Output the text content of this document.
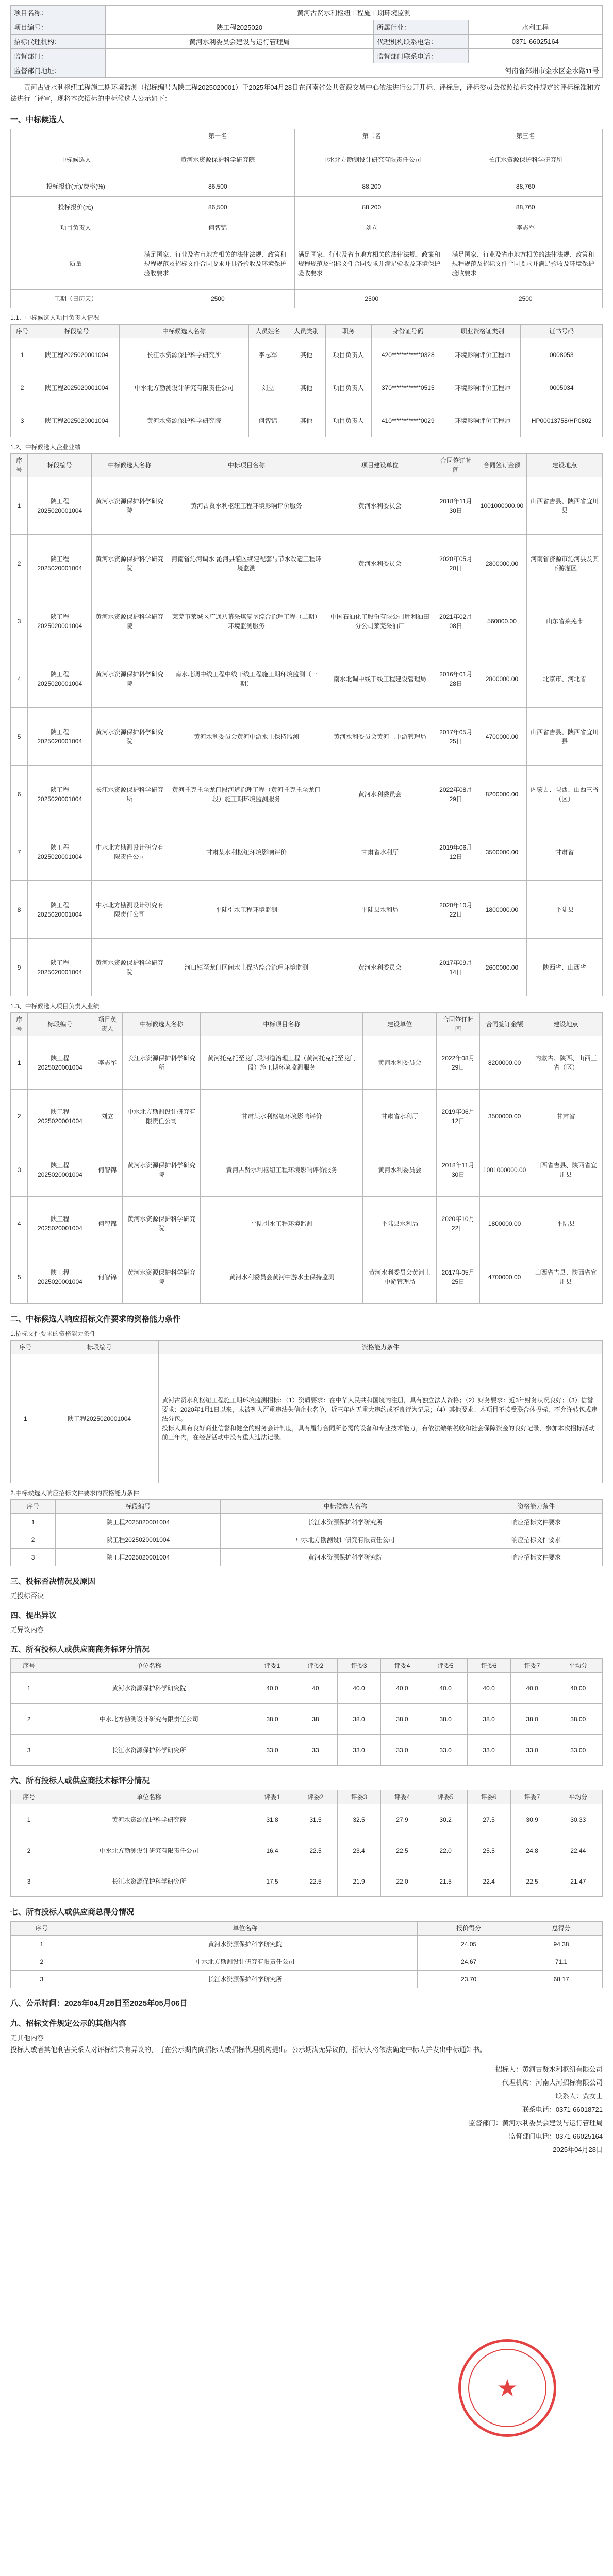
项目名称：	黄河古贤水利枢纽工程施工期环境监测		
项目编号：	陕工程2025020	所属行业：	水利工程
招标代理机构：	黄河水利委员会建设与运行管理局	代理机构联系电话：	0371-66025164
监督部门：		监督部门联系电话：	
监督部门地址：	河南省郑州市金水区金水路11号		

黄河古贤水利枢纽工程施工期环境监测（招标编号为陕工程2025020001）于2025年04月28日在河南省公共资源交易中心依法进行公开开标、评标后，评标委员会按照招标文件规定的评标标准和方法进行了评审，现将本次招标的中标候选人公示如下：

一、中标候选人
	第一名	第二名	第三名
中标候选人	黄河水资源保护科学研究院	中水北方勘测设计研究有限责任公司	长江水资源保护科学研究所
投标报价(元)/费率(%)	86,500	88,200	88,760
投标报价(元)	86,500	88,200	88,760
项目负责人	何智锦	刘立	李志军
质量	满足国家、行业及省市地方相关的法律法规、政策和规程规范及招标文件合同要求并具备验收及环境保护验收要求	满足国家、行业及省市地方相关的法律法规、政策和规程规范及招标文件合同要求并满足验收及环境保护验收要求	满足国家、行业及省市地方相关的法律法规、政策和规程规范及招标文件合同要求并满足验收及环境保护验收要求
工期（日历天）	2500	2500	2500
1.1、中标候选人项目负责人情况
序号	标段编号	中标候选人名称	人员姓名	人员类别	职务	身份证号码	职业资格证类别	证书号码
1	陕工程2025020001004	长江水资源保护科学研究所	李志军	其他	项目负责人	420************0328	环境影响评价工程师	0008053
2	陕工程2025020001004	中水北方勘测设计研究有限责任公司	刘立	其他	项目负责人	370************0515	环境影响评价工程师	0005034
3	陕工程2025020001004	黄河水资源保护科学研究院	何智锦	其他	项目负责人	410************0029	环境影响评价工程师	HP00013758/HP0802
1.2、中标候选人企业业绩
序号	标段编号	中标候选人名称	中标项目名称	项目建设单位	合同签订时间	合同签订金额	建设地点
1	陕工程2025020001004	黄河水资源保护科学研究院	黄河古贤水利枢纽工程环境影响评价服务	黄河水利委员会	2018年11月30日	1001000000.00	山西省吉县、陕西省宜川县
2	陕工程2025020001004	黄河水资源保护科学研究院	河南省沁河调水 沁河县灌区续建配套与节水改造工程环境监测	黄河水利委员会	2020年05月20日	2800000.00	河南省济源市沁河县及其下游灌区
3	陕工程2025020001004	黄河水资源保护科学研究院	莱芜市莱城区广通八幕采煤复垦综合治理工程（二期）环境监测服务	中国石油化工股份有限公司胜利油田分公司莱芜采油厂	2021年02月08日	560000.00	山东省莱芜市
4	陕工程2025020001004	黄河水资源保护科学研究院	南水北调中线工程中线干线工程施工期环境监测（一期）	南水北调中线干线工程建设管理局	2016年01月28日	2800000.00	北京市、河北省
5	陕工程2025020001004	黄河水资源保护科学研究院	黄河水利委员会黄河中游水土保持监测	黄河水利委员会黄河上中游管理局	2017年05月25日	4700000.00	山西省吉县、陕西省宜川县
6	陕工程2025020001004	长江水资源保护科学研究所	黄河托克托至龙门段河道治理工程（黄河托克托至龙门段）施工期环境监测服务	黄河水利委员会	2022年08月29日	8200000.00	内蒙古、陕西、山西三省（区）
7	陕工程2025020001004	中水北方勘测设计研究有限责任公司	甘肃某水利枢纽环境影响评价	甘肃省水利厅	2019年06月12日	3500000.00	甘肃省
8	陕工程2025020001004	中水北方勘测设计研究有限责任公司	平陆引水工程环境监测	平陆县水利局	2020年10月22日	1800000.00	平陆县
9	陕工程2025020001004	黄河水资源保护科学研究院	河口镇至龙门区间水土保持综合治理环境监测	黄河水利委员会	2017年09月14日	2600000.00	陕西省、山西省
1.3、中标候选人项目负责人业绩
序号	标段编号	项目负责人	中标候选人名称	中标项目名称	建设单位	合同签订时间	合同签订金额	建设地点
1	陕工程2025020001004	李志军	长江水资源保护科学研究所	黄河托克托至龙门段河道治理工程（黄河托克托至龙门段）施工期环境监测服务	黄河水利委员会	2022年08月29日	8200000.00	内蒙古、陕西、山西三省（区）
2	陕工程2025020001004	刘立	中水北方勘测设计研究有限责任公司	甘肃某水利枢纽环境影响评价	甘肃省水利厅	2019年06月12日	3500000.00	甘肃省
3	陕工程2025020001004	何智锦	黄河水资源保护科学研究院	黄河古贤水利枢纽工程环境影响评价服务	黄河水利委员会	2018年11月30日	1001000000.00	山西省吉县、陕西省宜川县
4	陕工程2025020001004	何智锦	黄河水资源保护科学研究院	平陆引水工程环境监测	平陆县水利局	2020年10月22日	1800000.00	平陆县
5	陕工程2025020001004	何智锦	黄河水资源保护科学研究院	黄河水利委员会黄河中游水土保持监测	黄河水利委员会黄河上中游管理局	2017年05月25日	4700000.00	山西省吉县、陕西省宜川县
二、中标候选人响应招标文件要求的资格能力条件
1.招标文件要求的资格能力条件
序号	标段编号	资格能力条件
1	陕工程2025020001004	黄河古贤水利枢纽工程施工期环境监测招标：（1）资质要求：在中华人民共和国境内注册，具有独立法人资格；（2）财务要求：近3年财务状况良好；（3）信誉要求：2020年1月1日以来，未被列入严重违法失信企业名单，近三年内无重大违约或不良行为记录；（4）其他要求：本项目不接受联合体投标，不允许转包或违法分包。
投标人具有良好商业信誉和健全的财务会计制度，具有履行合同所必需的设备和专业技术能力，有依法缴纳税收和社会保障资金的良好记录，参加本次招标活动前三年内，在经营活动中没有重大违法记录。
2.中标候选人响应招标文件要求的资格能力条件
序号	标段编号	中标候选人名称	资格能力条件
1	陕工程2025020001004	长江水资源保护科学研究所	响应招标文件要求
2	陕工程2025020001004	中水北方勘测设计研究有限责任公司	响应招标文件要求
3	陕工程2025020001004	黄河水资源保护科学研究院	响应招标文件要求
三、投标否决情况及原因
无投标否决
四、提出异议
无异议内容
五、所有投标人或供应商商务标评分情况
序号	单位名称	评委1	评委2	评委3	评委4	评委5	评委6	评委7	平均分
1	黄河水资源保护科学研究院	40.0	40	40.0	40.0	40.0	40.0	40.0	40.00
2	中水北方勘测设计研究有限责任公司	38.0	38	38.0	38.0	38.0	38.0	38.0	38.00
3	长江水资源保护科学研究所	33.0	33	33.0	33.0	33.0	33.0	33.0	33.00
六、所有投标人或供应商技术标评分情况
序号	单位名称	评委1	评委2	评委3	评委4	评委5	评委6	评委7	平均分
1	黄河水资源保护科学研究院	31.8	31.5	32.5	27.9	30.2	27.5	30.9	30.33
2	中水北方勘测设计研究有限责任公司	16.4	22.5	23.4	22.5	22.0	25.5	24.8	22.44
3	长江水资源保护科学研究所	17.5	22.5	21.9	22.0	21.5	22.4	22.5	21.47
七、所有投标人或供应商总得分情况
序号	单位名称	报价得分	总得分
1	黄河水资源保护科学研究院	24.05	94.38
2	中水北方勘测设计研究有限责任公司	24.67	71.1
3	长江水资源保护科学研究所	23.70	68.17
八、公示时间：2025年04月28日至2025年05月06日
九、招标文件规定公示的其他内容
无其他内容
投标人或者其他利害关系人对评标结果有异议的，可在公示期内向招标人或招标代理机构提出。公示期满无异议的，招标人将依法确定中标人并发出中标通知书。
招标人：黄河古贤水利枢纽有限公司
代理机构：河南大河招标有限公司
联系人：贾女士
联系电话：0371-66018721
监督部门：黄河水利委员会建设与运行管理局
监督部门电话：0371-66025164
2025年04月28日
★
